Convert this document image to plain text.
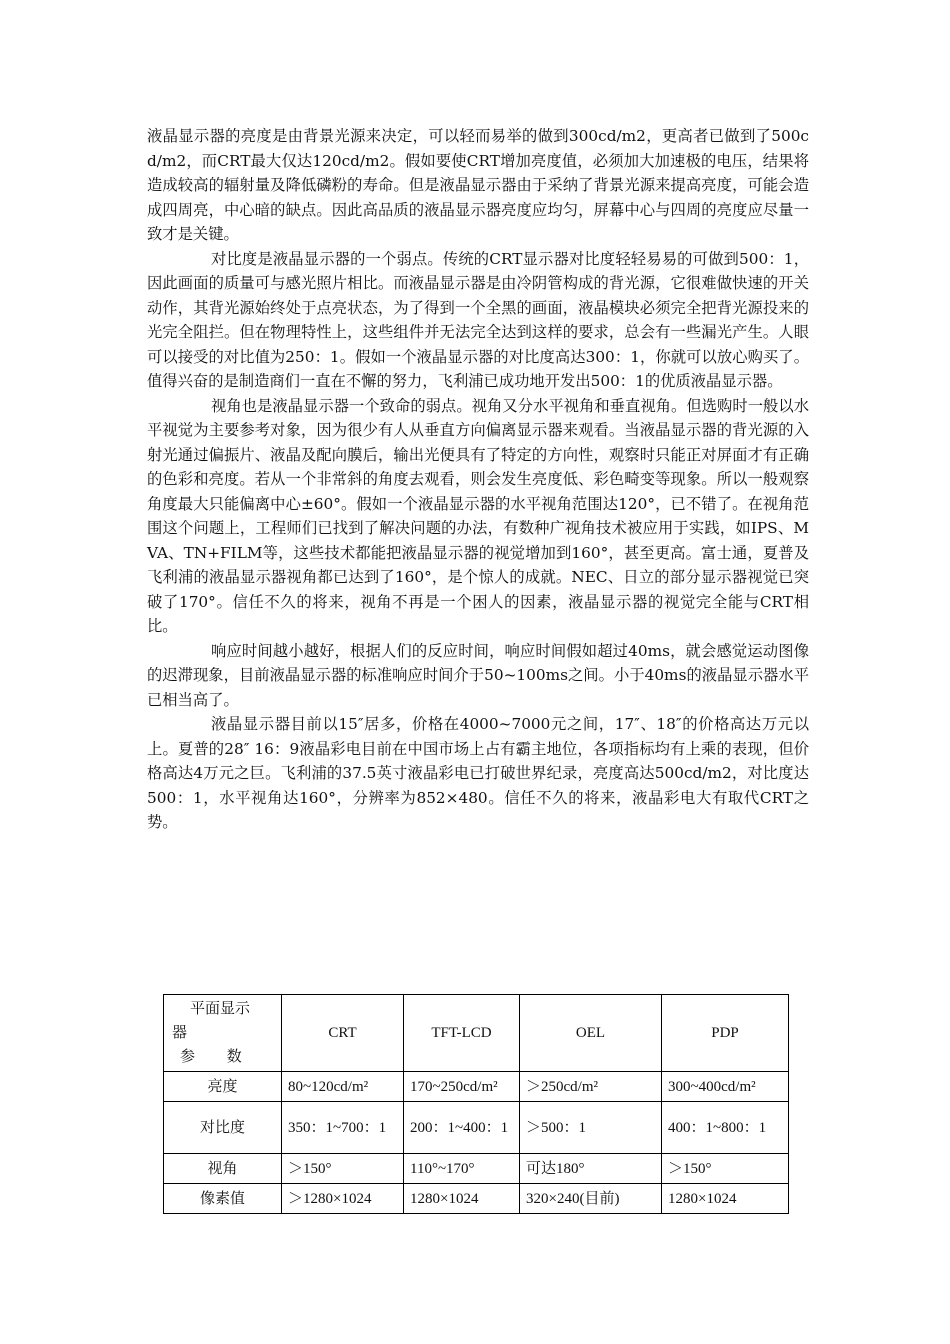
液晶显示器的亮度是由背景光源来决定，可以轻而易举的做到300cd/m2，更高者已做到了500cd/m2，而CRT最大仅达120cd/m2。假如要使CRT增加亮度值，必须加大加速极的电压，结果将造成较高的辐射量及降低磷粉的寿命。但是液晶显示器由于采纳了背景光源来提高亮度，可能会造成四周亮，中心暗的缺点。因此高品质的液晶显示器亮度应均匀，屏幕中心与四周的亮度应尽量一致才是关键。

对比度是液晶显示器的一个弱点。传统的CRT显示器对比度轻轻易易的可做到500：1，因此画面的质量可与感光照片相比。而液晶显示器是由冷阴管构成的背光源，它很难做快速的开关动作，其背光源始终处于点亮状态，为了得到一个全黑的画面，液晶模块必须完全把背光源投来的光完全阻拦。但在物理特性上，这些组件并无法完全达到这样的要求，总会有一些漏光产生。人眼可以接受的对比值为250：1。假如一个液晶显示器的对比度高达300：1，你就可以放心购买了。值得兴奋的是制造商们一直在不懈的努力，飞利浦已成功地开发出500：1的优质液晶显示器。

视角也是液晶显示器一个致命的弱点。视角又分水平视角和垂直视角。但选购时一般以水平视觉为主要参考对象，因为很少有人从垂直方向偏离显示器来观看。当液晶显示器的背光源的入射光通过偏振片、液晶及配向膜后，输出光便具有了特定的方向性，观察时只能正对屏面才有正确的色彩和亮度。若从一个非常斜的角度去观看，则会发生亮度低、彩色畸变等现象。所以一般观察角度最大只能偏离中心±60°。假如一个液晶显示器的水平视角范围达120°，已不错了。在视角范围这个问题上，工程师们已找到了解决问题的办法，有数种广视角技术被应用于实践，如IPS、MVA、TN+FILM等，这些技术都能把液晶显示器的视觉增加到160°，甚至更高。富士通，夏普及飞利浦的液晶显示器视角都已达到了160°，是个惊人的成就。NEC、日立的部分显示器视觉已突破了170°。信任不久的将来，视角不再是一个困人的因素，液晶显示器的视觉完全能与CRT相比。

响应时间越小越好，根据人们的反应时间，响应时间假如超过40ms，就会感觉运动图像的迟滞现象，目前液晶显示器的标准响应时间介于50~100ms之间。小于40ms的液晶显示器水平已相当高了。

液晶显示器目前以15″居多，价格在4000~7000元之间，17″、18″的价格高达万元以上。夏普的28″ 16：9液晶彩电目前在中国市场上占有霸主地位，各项指标均有上乘的表现，但价格高达4万元之巨。飞利浦的37.5英寸液晶彩电已打破世界纪录，亮度高达500cd/m2，对比度达500：1，水平视角达160°，分辨率为852×480。信任不久的将来，液晶彩电大有取代CRT之势。

平面显示
器
参 数	CRT	TFT-LCD	OEL	PDP
亮度	80~120cd/m²	170~250cd/m²	＞250cd/m²	300~400cd/m²
对比度	350：1~700：1	200：1~400：1	＞500：1	400：1~800：1
视角	＞150°	110°~170°	可达180°	＞150°
像素值	＞1280×1024	1280×1024	320×240(目前)	1280×1024
